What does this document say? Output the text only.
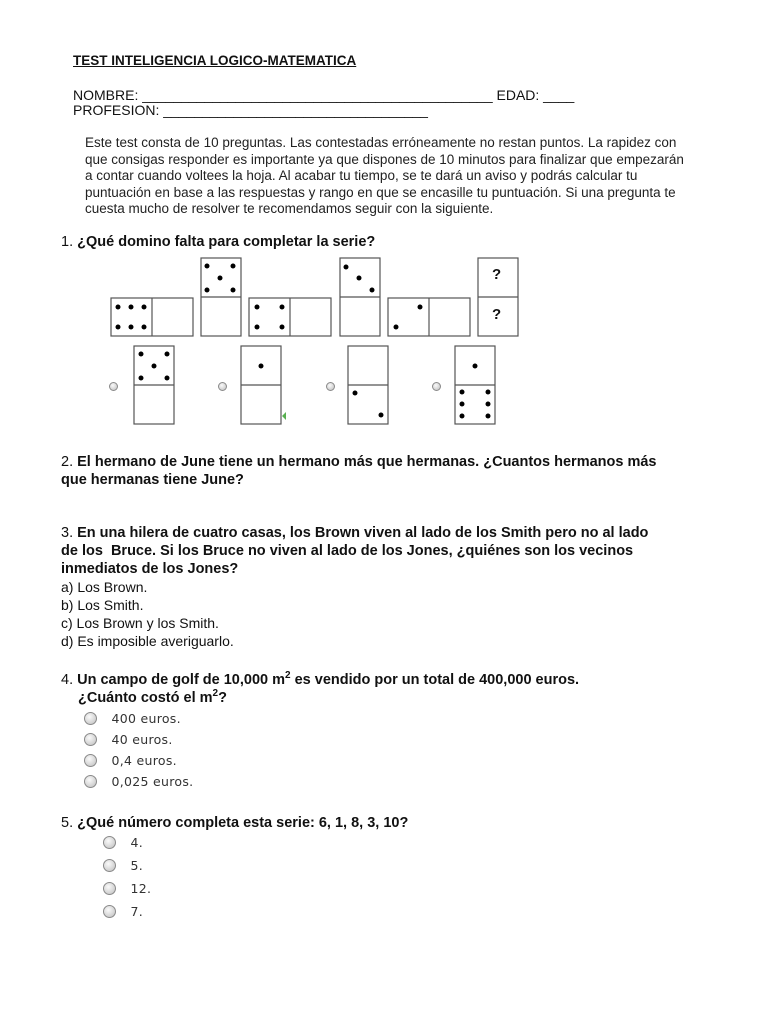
TEST INTELIGENCIA LOGICO-MATEMATICA
NOMBRE: _____________________________________________ EDAD: ____
PROFESION: __________________________________
Este test consta de 10 preguntas. Las contestadas erróneamente no restan puntos. La rapidez con que consigas responder es importante ya que dispones de 10 minutos para finalizar que empezarán a contar cuando voltees la hoja. Al acabar tu tiempo, se te dará un aviso y podrás calcular tu puntuación en base a las respuestas y rango en que se encasille tu puntuación. Si una pregunta te cuesta mucho de resolver te recomendamos seguir con la siguiente.
1. ¿Qué domino falta para completar la serie?
?
?
2. El hermano de June tiene un hermano más que hermanas. ¿Cuantos hermanos más
que hermanas tiene June?
3. En una hilera de cuatro casas, los Brown viven al lado de los Smith pero no al lado
de los  Bruce. Si los Bruce no viven al lado de los Jones, ¿quiénes son los vecinos
inmediatos de los Jones?
a) Los Brown.
b) Los Smith.
c) Los Brown y los Smith.
d) Es imposible averiguarlo.
4. Un campo de golf de 10,000 $m^2$ es vendido por un total de 400,000 euros.
¿Cuánto costó el $m^2$?
400 euros.
40 euros.
0,4 euros.
0,025 euros.
5. ¿Qué número completa esta serie: 6, 1, 8, 3, 10?
4.
5.
12.
7.
